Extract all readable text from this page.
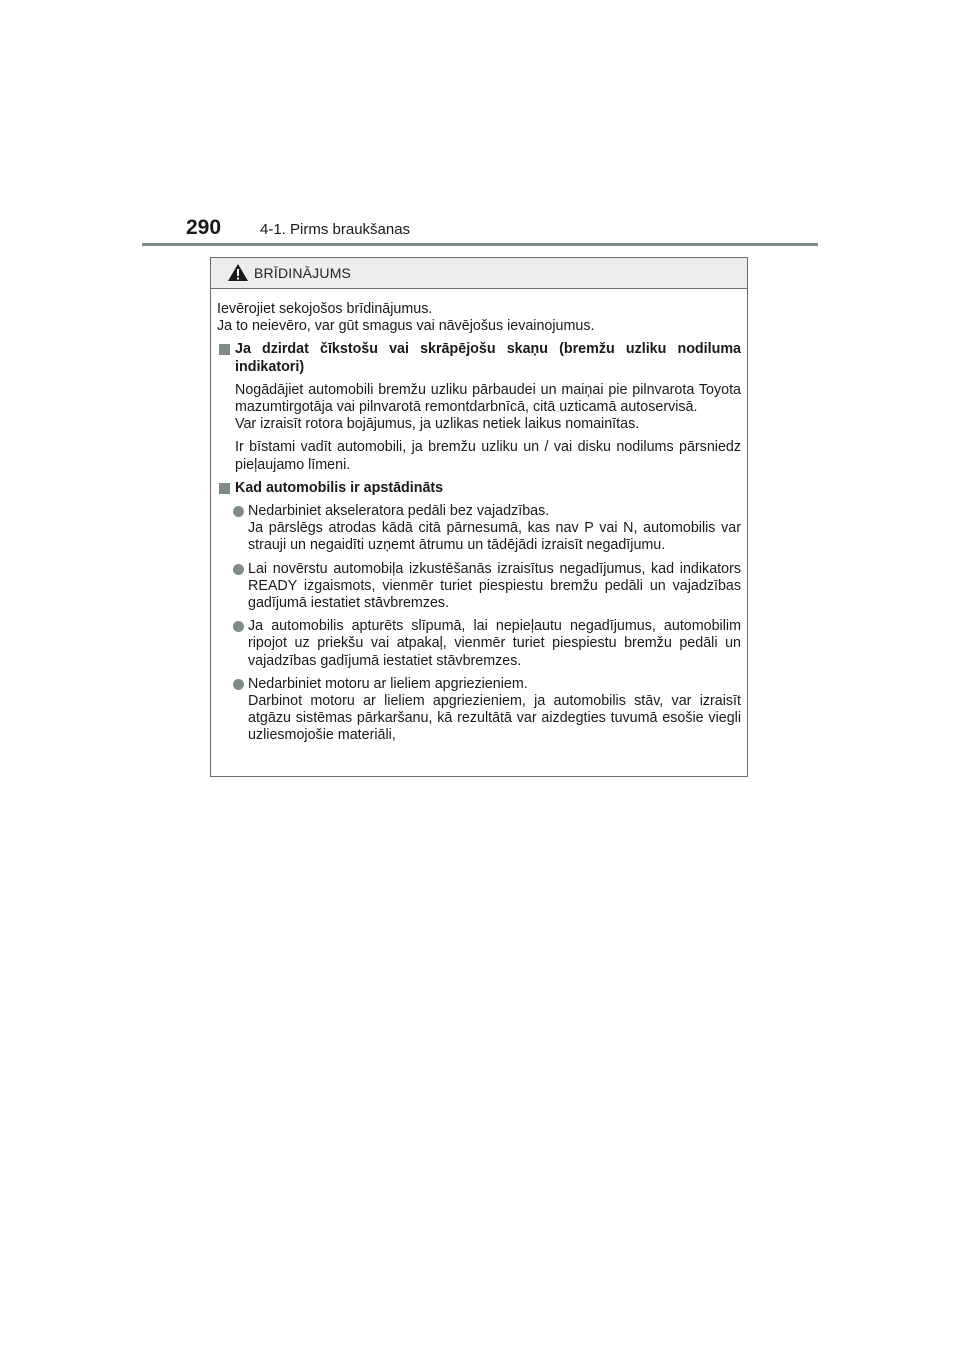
290	4-1. Pirms braukšanas
BRĪDINĀJUMS
Ievērojiet sekojošos brīdinājumus.
Ja to neievēro, var gūt smagus vai nāvējošus ievainojumus.
Ja dzirdat čīkstošu vai skrāpējošu skaņu (bremžu uzliku nodiluma indikatori)
Nogādājiet automobili bremžu uzliku pārbaudei un maiņai pie pilnvarota Toyota mazumtirgotāja vai pilnvarotā remontdarbnīcā, citā uzticamā autoservisā.
Var izraisīt rotora bojājumus, ja uzlikas netiek laikus nomainītas.
Ir bīstami vadīt automobili, ja bremžu uzliku un / vai disku nodilums pārsniedz pieļaujamo līmeni.
Kad automobilis ir apstādināts
Nedarbiniet akseleratora pedāli bez vajadzības.
Ja pārslēgs atrodas kādā citā pārnesumā, kas nav P vai N, automobilis var strauji un negaidīti uzņemt ātrumu un tādējādi izraisīt negadījumu.
Lai novērstu automobiļa izkustēšanās izraisītus negadījumus, kad indikators READY izgaismots, vienmēr turiet piespiestu bremžu pedāli un vajadzības gadījumā iestatiet stāvbremzes.
Ja automobilis apturēts slīpumā, lai nepieļautu negadījumus, automobilim ripojot uz priekšu vai atpakaļ, vienmēr turiet piespiestu bremžu pedāli un vajadzības gadījumā iestatiet stāvbremzes.
Nedarbiniet motoru ar lieliem apgriezieniem.
Darbinot motoru ar lieliem apgriezieniem, ja automobilis stāv, var izraisīt atgāzu sistēmas pārkaršanu, kā rezultātā var aizdegties tuvumā esošie viegli uzliesmojošie materiāli,
